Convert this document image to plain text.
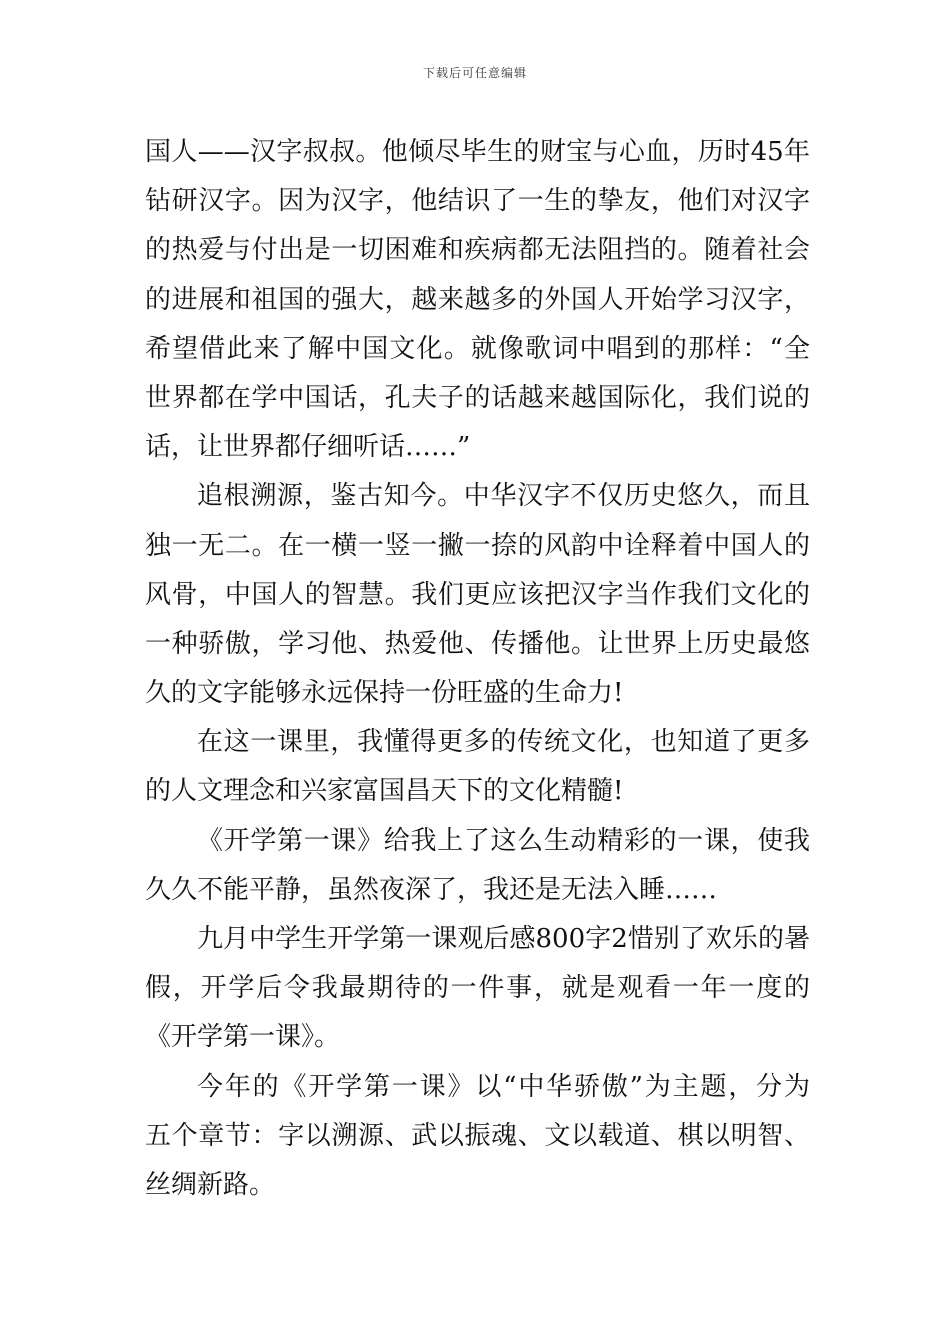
下载后可任意编辑
国人——汉字叔叔。他倾尽毕生的财宝与心血，历时45年
钻研汉字。因为汉字，他结识了一生的挚友，他们对汉字
的热爱与付出是一切困难和疾病都无法阻挡的。随着社会
的进展和祖国的强大，越来越多的外国人开始学习汉字，
希望借此来了解中国文化。就像歌词中唱到的那样：“全
世界都在学中国话，孔夫子的话越来越国际化，我们说的
话，让世界都仔细听话……”
追根溯源，鉴古知今。中华汉字不仅历史悠久，而且
独一无二。在一横一竖一撇一捺的风韵中诠释着中国人的
风骨，中国人的智慧。我们更应该把汉字当作我们文化的
一种骄傲，学习他、热爱他、传播他。让世界上历史最悠
久的文字能够永远保持一份旺盛的生命力!
在这一课里，我懂得更多的传统文化，也知道了更多
的人文理念和兴家富国昌天下的文化精髓!
《开学第一课》给我上了这么生动精彩的一课，使我
久久不能平静，虽然夜深了，我还是无法入睡……
九月中学生开学第一课观后感800字2惜别了欢乐的暑
假，开学后令我最期待的一件事，就是观看一年一度的
《开学第一课》。
今年的《开学第一课》以“中华骄傲”为主题，分为
五个章节：字以溯源、武以振魂、文以载道、棋以明智、
丝绸新路。
